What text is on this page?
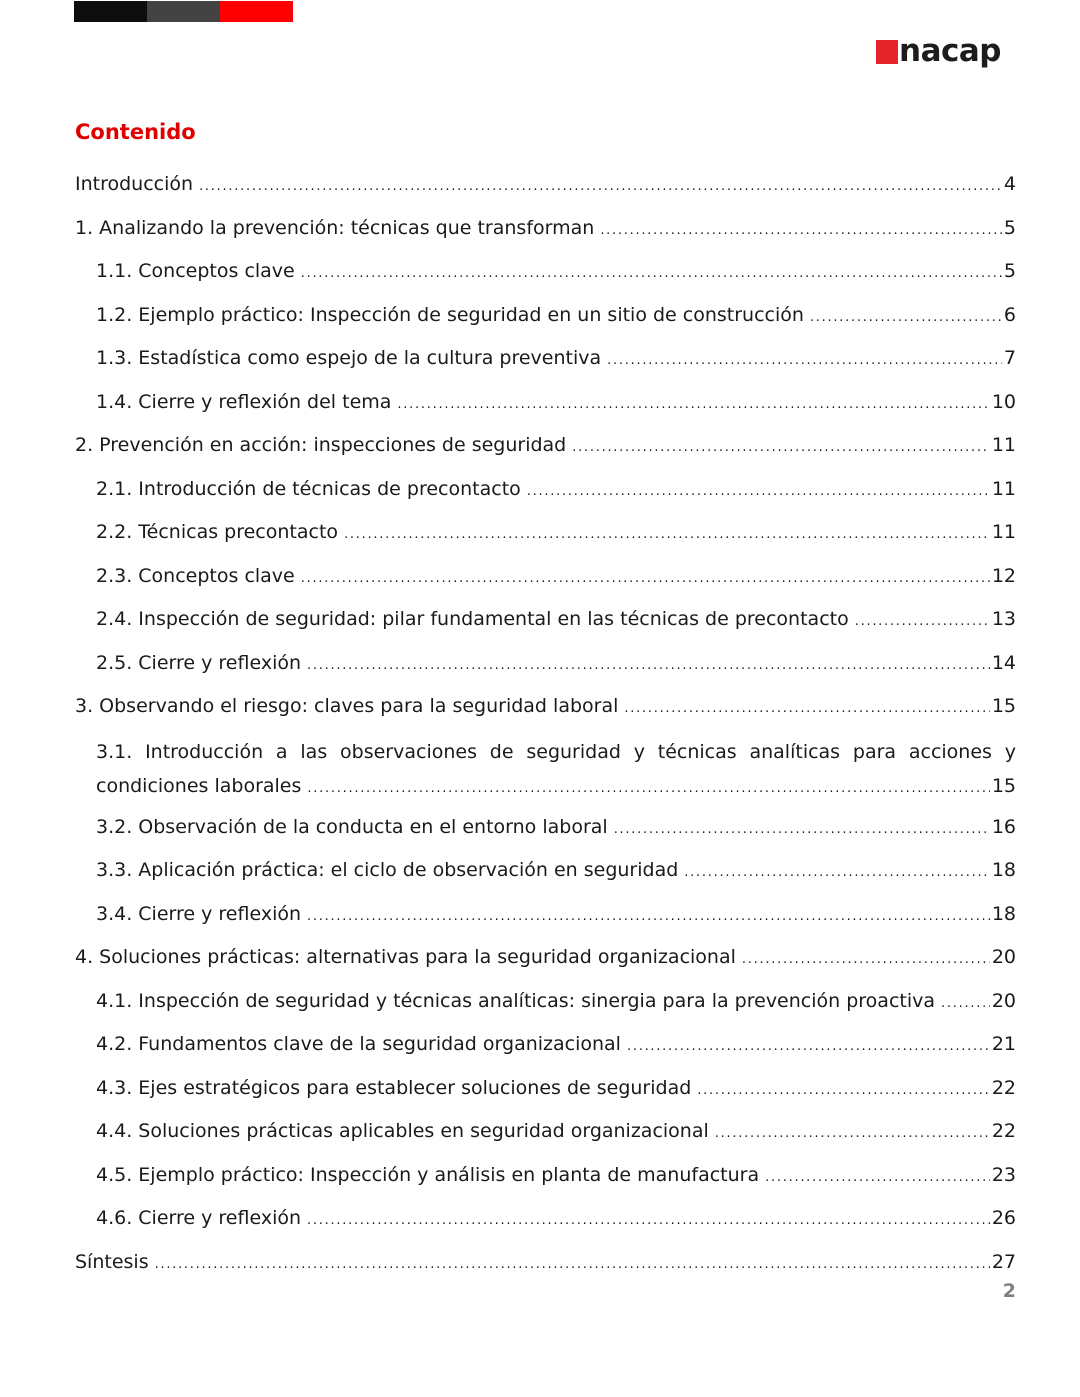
nacap
Contenido
Introducción . . .	4
1. Analizando la prevención: técnicas que transforman . . .	5
1.1. Conceptos clave . . .	5
1.2. Ejemplo práctico: Inspección de seguridad en un sitio de construcción . . .	6
1.3. Estadística como espejo de la cultura preventiva . . .	7
1.4. Cierre y reflexión del tema . . .	10
2. Prevención en acción: inspecciones de seguridad . . .	11
2.1. Introducción de técnicas de precontacto . . .	11
2.2. Técnicas precontacto . . .	11
2.3. Conceptos clave . . .	12
2.4. Inspección de seguridad: pilar fundamental en las técnicas de precontacto . . .	13
2.5. Cierre y reflexión . . .	14
3. Observando el riesgo: claves para la seguridad laboral . . .	15
3.1. Introducción a las observaciones de seguridad y técnicas analíticas para acciones y
condiciones laborales . . .	15
3.2. Observación de la conducta en el entorno laboral . . .	16
3.3. Aplicación práctica: el ciclo de observación en seguridad . . .	18
3.4. Cierre y reflexión . . .	18
4. Soluciones prácticas: alternativas para la seguridad organizacional . . .	20
4.1. Inspección de seguridad y técnicas analíticas: sinergia para la prevención proactiva . . .	20
4.2. Fundamentos clave de la seguridad organizacional . . .	21
4.3. Ejes estratégicos para establecer soluciones de seguridad . . .	22
4.4. Soluciones prácticas aplicables en seguridad organizacional . . .	22
4.5. Ejemplo práctico: Inspección y análisis en planta de manufactura . . .	23
4.6. Cierre y reflexión . . .	26
Síntesis . . .	27
2
